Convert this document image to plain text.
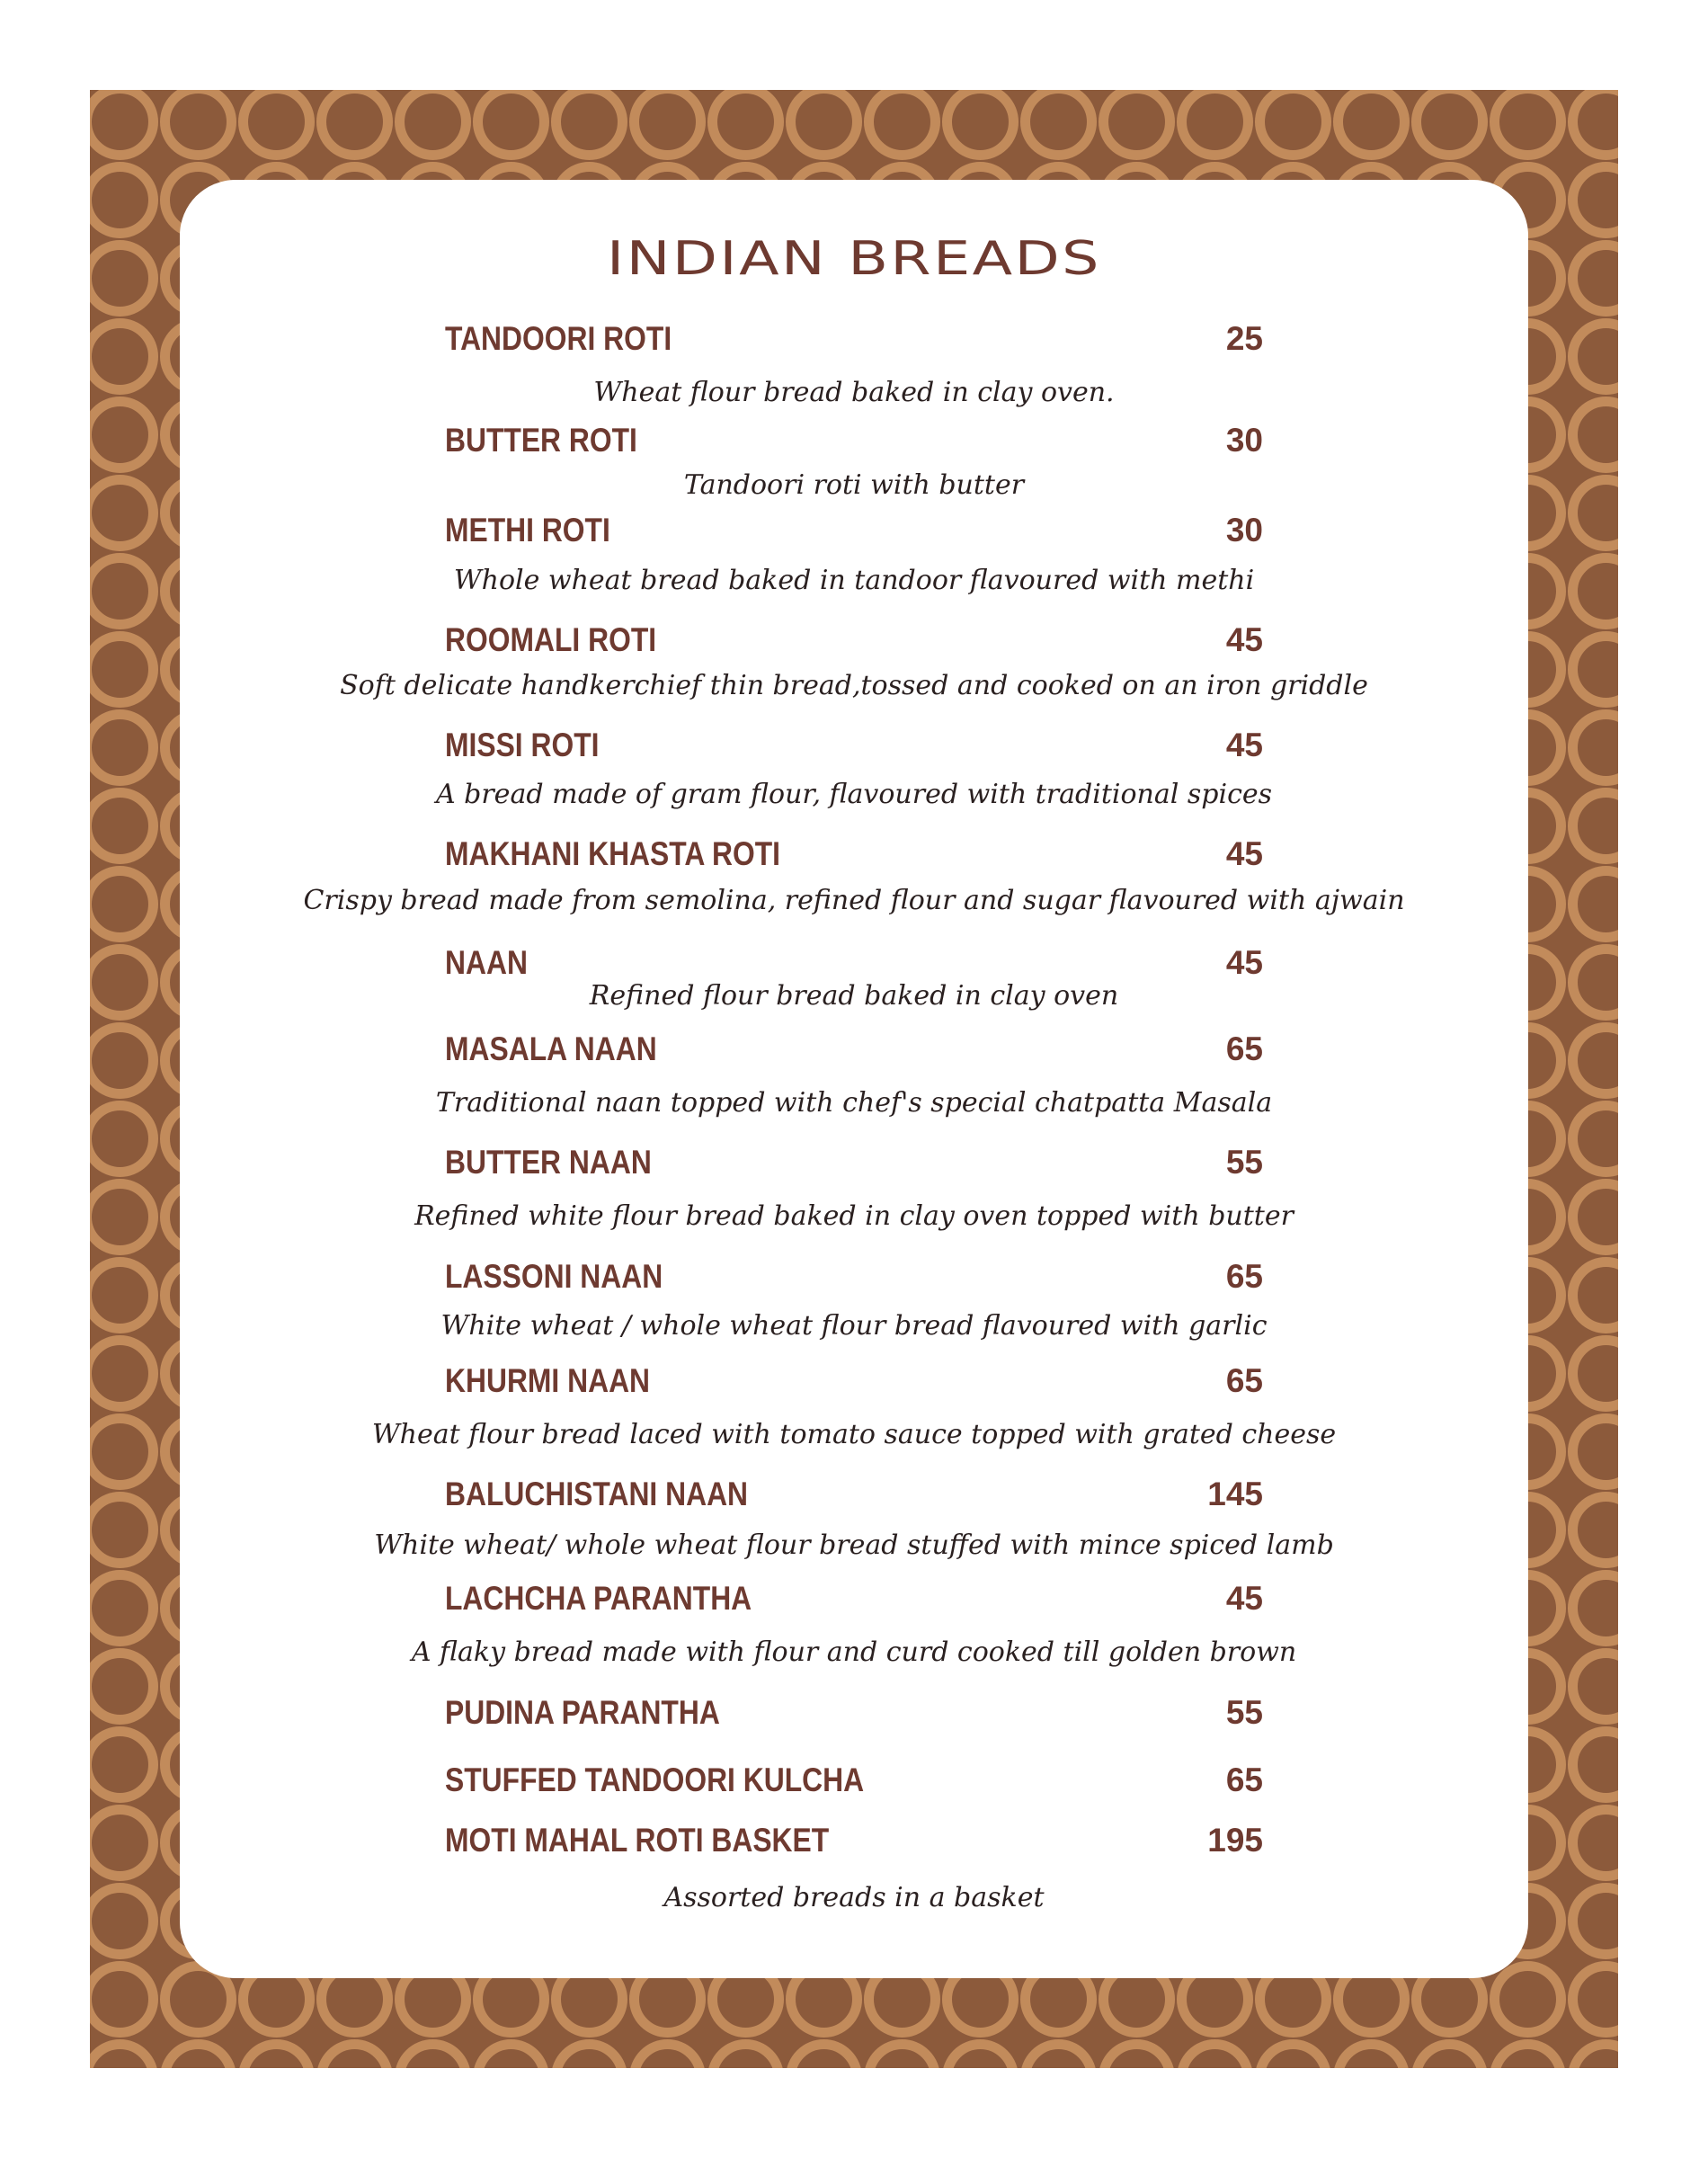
INDIAN BREADS
TANDOORI ROTI	25
Wheat flour bread baked in clay oven.
BUTTER ROTI	30
Tandoori roti with butter
METHI ROTI	30
Whole wheat bread baked in tandoor flavoured with methi
ROOMALI ROTI	45
Soft delicate handkerchief thin bread,tossed and cooked on an iron griddle
MISSI ROTI	45
A bread made of gram flour, flavoured with traditional spices
MAKHANI KHASTA ROTI	45
Crispy bread made from semolina, refined flour and sugar flavoured with ajwain
NAAN	45
Refined flour bread baked in clay oven
MASALA NAAN	65
Traditional naan topped with chef's special chatpatta Masala
BUTTER NAAN	55
Refined white flour bread baked in clay oven topped with butter
LASSONI NAAN	65
White wheat / whole wheat flour bread flavoured with garlic
KHURMI NAAN	65
Wheat flour bread laced with tomato sauce topped with grated cheese
BALUCHISTANI NAAN	145
White wheat/ whole wheat flour bread stuffed with mince spiced lamb
LACHCHA PARANTHA	45
A flaky bread made with flour and curd cooked till golden brown
PUDINA PARANTHA	55
STUFFED TANDOORI KULCHA	65
MOTI MAHAL ROTI BASKET	195
Assorted breads in a basket
